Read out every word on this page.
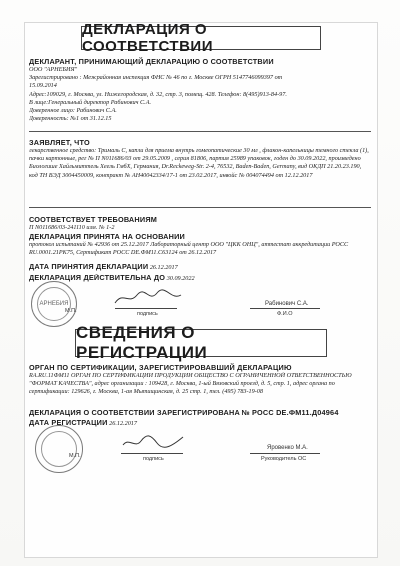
ДЕКЛАРАЦИЯ О СООТВЕТСТВИИ
ДЕКЛАРАНТ, ПРИНИМАЮЩИЙ ДЕКЛАРАЦИЮ О СООТВЕТСТВИИ
ООО "АРНЕБИЯ"
Зарегистрировано : Межрайонная инспекция ФНС № 46 по г. Москве ОГРН 5147746099397 от
15.09.2014
Адрес:109029, г. Москва, ул. Нижегородская, д. 32, стр. 3, помещ. 428. Телефон: 8(495)913-84-97.
В лице:Генеральный директор Рабинович С.А.
Доверенное лицо: Рабинович С.А.
Доверенность: №1 от 31.12.15
ЗАЯВЛЯЕТ, ЧТО
лекарственное средство: Трималь С, капли для приема внутрь гомеопатические 30 мл , флакон-капельницы темного стекла (1), пачки картонные, рег № П N011686/03 от 29.05.2009 , серия 81806, партия 25989 упаковок, годен до 30.09.2022, произведено Биологише Хайльмиттель Хеель ГмбХ, Германия, Dr.Reckeweg-Str. 2-4, 76532, Baden-Baden, Germany, вид ОКДП 21.20.23.190, код ТН ВЭД 3004450009, контракт № АН40042334/17-1 от 23.02.2017, инвойс № 004074494 от 12.12.2017
СООТВЕТСТВУЕТ ТРЕБОВАНИЯМ
П N011686/03-241110 изм. № 1-2
ДЕКЛАРАЦИЯ ПРИНЯТА НА ОСНОВАНИИ
протокол испытаний № 42936 от 25.12.2017 Лабораторный центр ООО "ЦКК ОНЦ", аттестат аккредитации РОСС RU.0001.21PK75, Сертификат РОСС DE.ФМ11.С63124 от 26.12.2017
ДАТА ПРИНЯТИЯ ДЕКЛАРАЦИИ 26.12.2017
ДЕКЛАРАЦИЯ ДЕЙСТВИТЕЛЬНА ДО 30.09.2022
АРНЕБИЯ
М.П.	подпись
Рабинович С.А.
Ф.И.О
СВЕДЕНИЯ О РЕГИСТРАЦИИ
ОРГАН ПО СЕРТИФИКАЦИИ, ЗАРЕГИСТРИРОВАВШИЙ ДЕКЛАРАЦИЮ
RA.RU.11ФМ11 ОРГАН ПО СЕРТИФИКАЦИИ ПРОДУКЦИИ ОБЩЕСТВО С ОГРАНИЧЕННОЙ ОТВЕТСТВЕННОСТЬЮ "ФОРМАТ КАЧЕСТВА", адрес организации : 109428, г. Москва, 1-ый Вязовский проезд, д. 5, стр. 1, адрес органа по сертификации: 129626, г. Москва, 1-ая Мытищинская, д. 25 стр. 1, тел. (495) 783-19-08
ДЕКЛАРАЦИЯ О СООТВЕТСТВИИ ЗАРЕГИСТРИРОВАНА № РОСС DE.ФМ11.Д04964
ДАТА РЕГИСТРАЦИИ 26.12.2017
М.П.	подпись
Яровенко М.А.
Руководитель ОС
